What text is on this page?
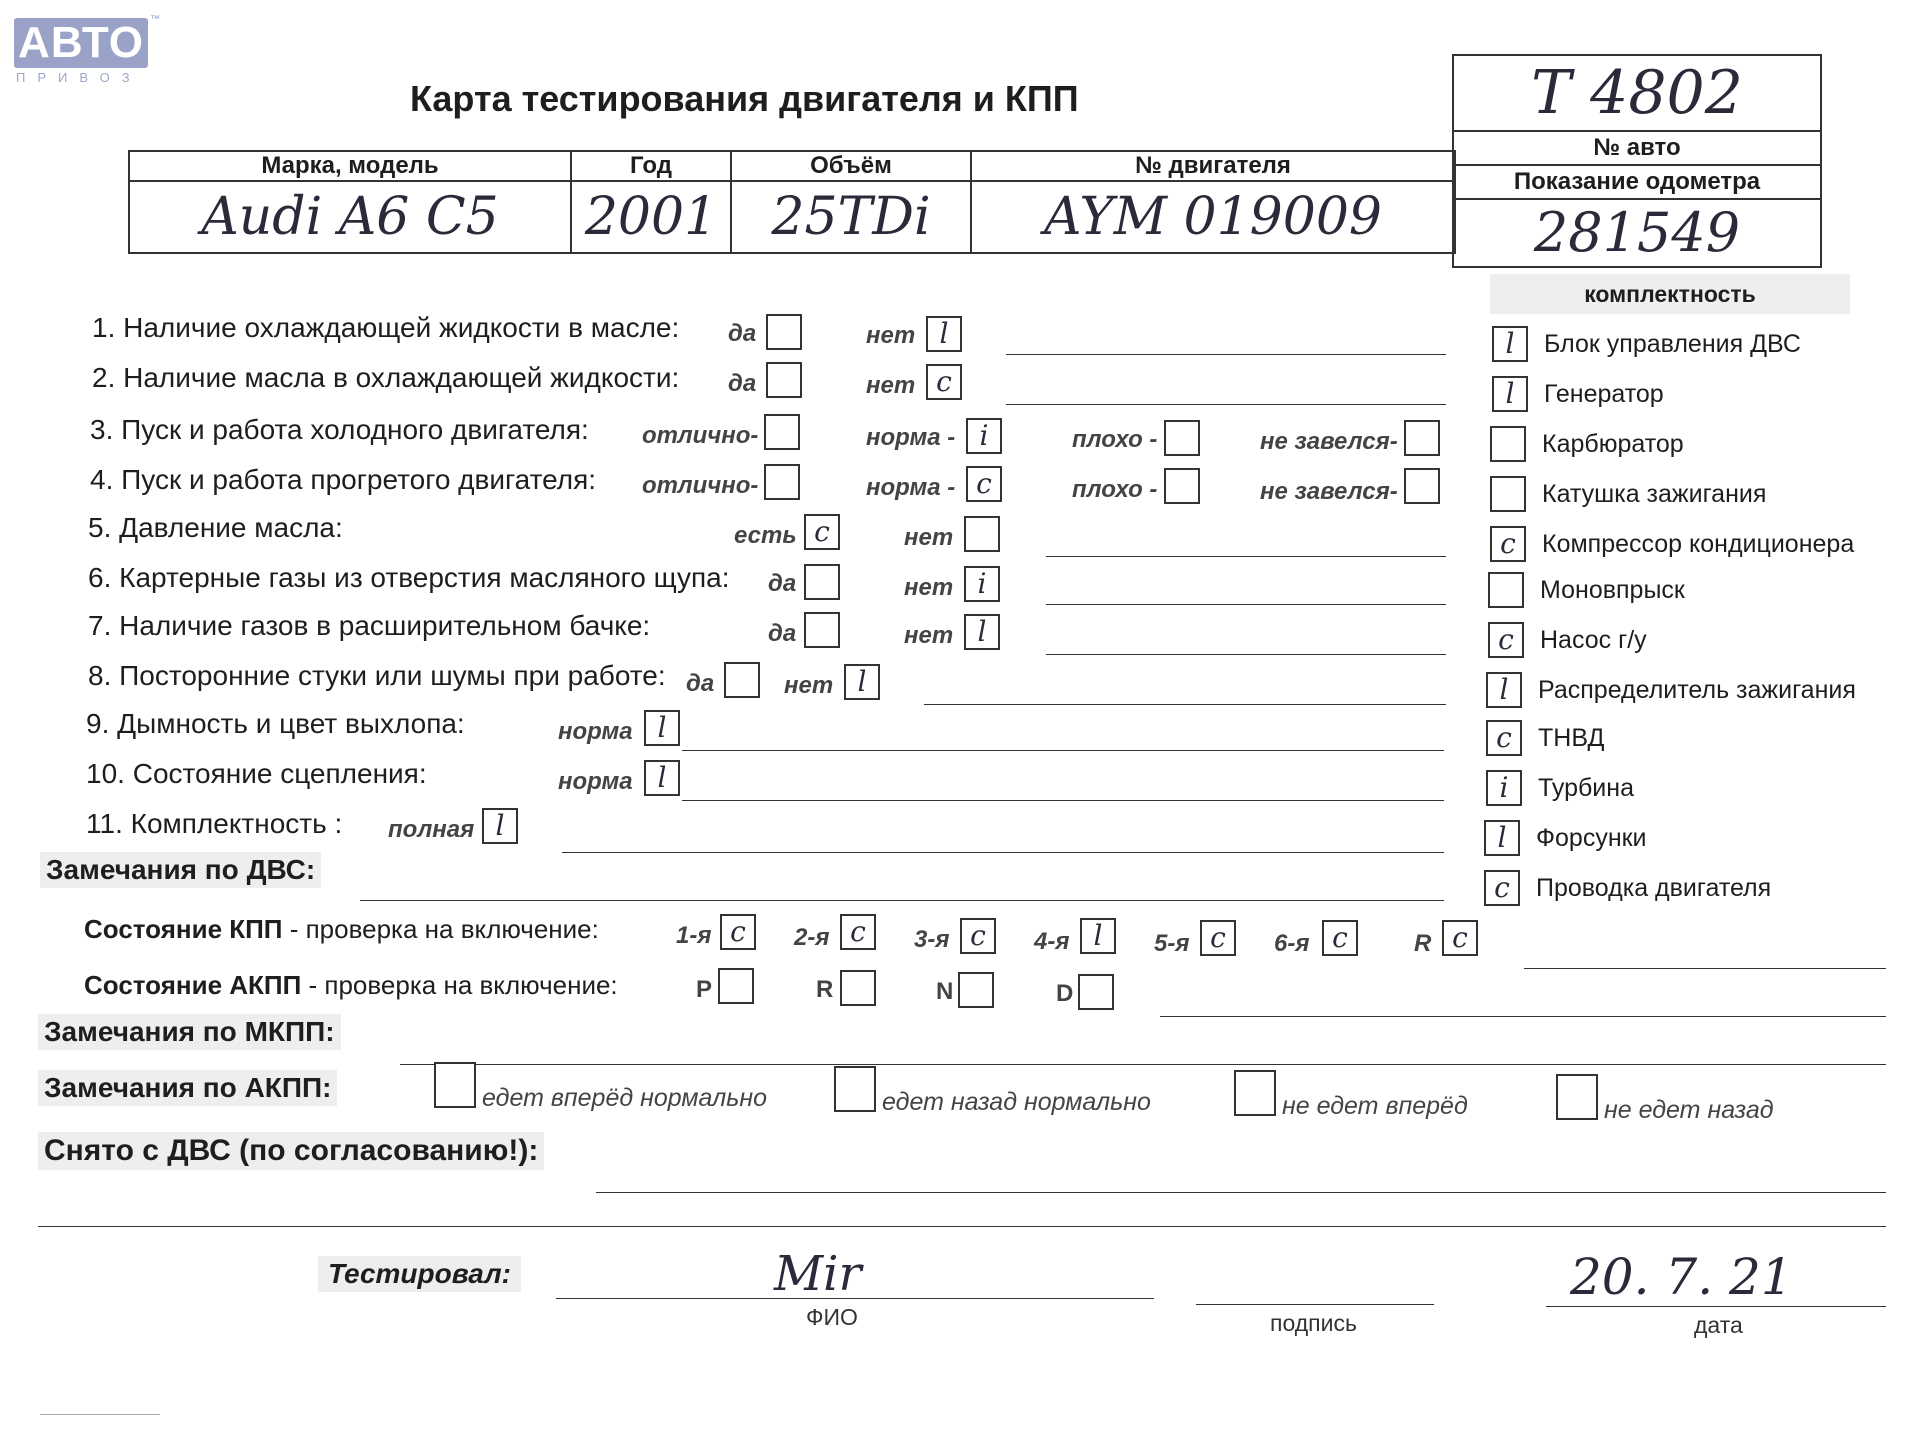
АВТО ™
ПРИВОЗ
Карта тестирования двигателя и КПП
Марка, модель	Год	Объём	№ двигателя
Audi A6 C5	2001	25TDi	AYM 019009
T 4802
№ авто
Показание одометра
281549
комплектность
1. Наличие охлаждающей жидкости в масле: да	нет l
2. Наличие масла в охлаждающей жидкости: да	нет c
3. Пуск и работа холодного двигателя: отлично-	норма - i	плохо -	не завелся-
4. Пуск и работа прогретого двигателя: отлично-	норма - c	плохо -	не завелся-
5. Давление масла:	есть c	нет
6. Картерные газы из отверстия масляного щупа: да	нет i
7. Наличие газов в расширительном бачке:	да	нет l
8. Посторонние стуки или шумы при работе: да	нет l
9. Дымность и цвет выхлопа:	норма l
10. Состояние сцепления:	норма l
11. Комплектность : полная l
l	Блок управления ДВС
l	Генератор
Карбюратор
Катушка зажигания
c	Компрессор кондиционера
Моновпрыск
c	Насос г/у
l	Распределитель зажигания
c	ТНВД
i	Турбина
l	Форсунки
c	Проводка двигателя
Замечания по ДВС:
Состояние КПП - проверка на включение:	1-я c	2-я c	3-я c	4-я l	5-я c	6-я c	R c
Состояние АКПП - проверка на включение:	P	R	N	D
Замечания по МКПП:
Замечания по АКПП:	едет вперёд нормально	едет назад нормально	не едет вперёд	не едет назад
Снято с ДВС (по согласованию!):
Тестировал:	Mir
ФИО	подпись
20. 7. 21
дата
